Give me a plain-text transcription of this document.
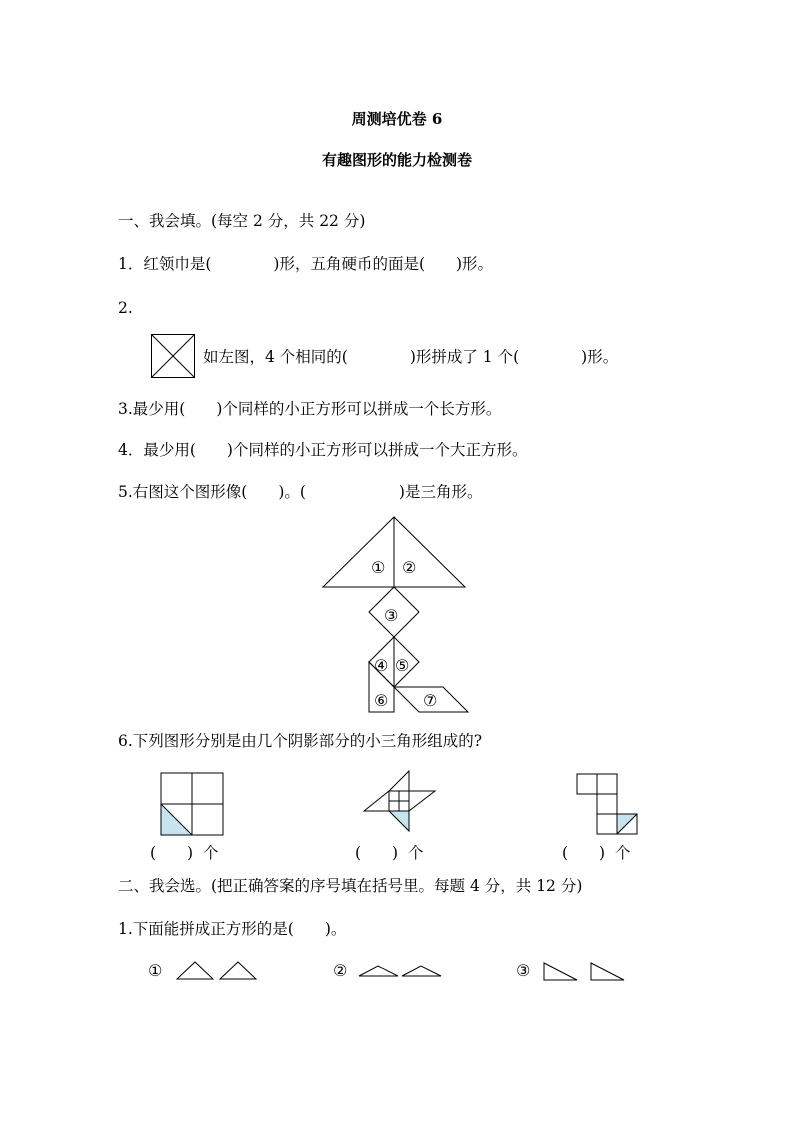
周测培优卷 6
有趣图形的能力检测卷
一、我会填。(每空 2 分，共 22 分)
1．红领巾是(　　　　)形，五角硬币的面是(　　)形。
2.
如左图，4 个相同的(　　　　)形拼成了 1 个(　　　　)形。
3.最少用(　　)个同样的小正方形可以拼成一个长方形。
4．最少用(　　)个同样的小正方形可以拼成一个大正方形。
5.右图这个图形像(　　)。(　　　　　　)是三角形。
① ②
③
④ ⑤
⑥ ⑦
6.下列图形分别是由几个阴影部分的小三角形组成的?
(　　)  个	(　　)  个	(　　)  个
二、我会选。(把正确答案的序号填在括号里。每题 4 分，共 12 分)
1.下面能拼成正方形的是(　　)。
①	②	③
